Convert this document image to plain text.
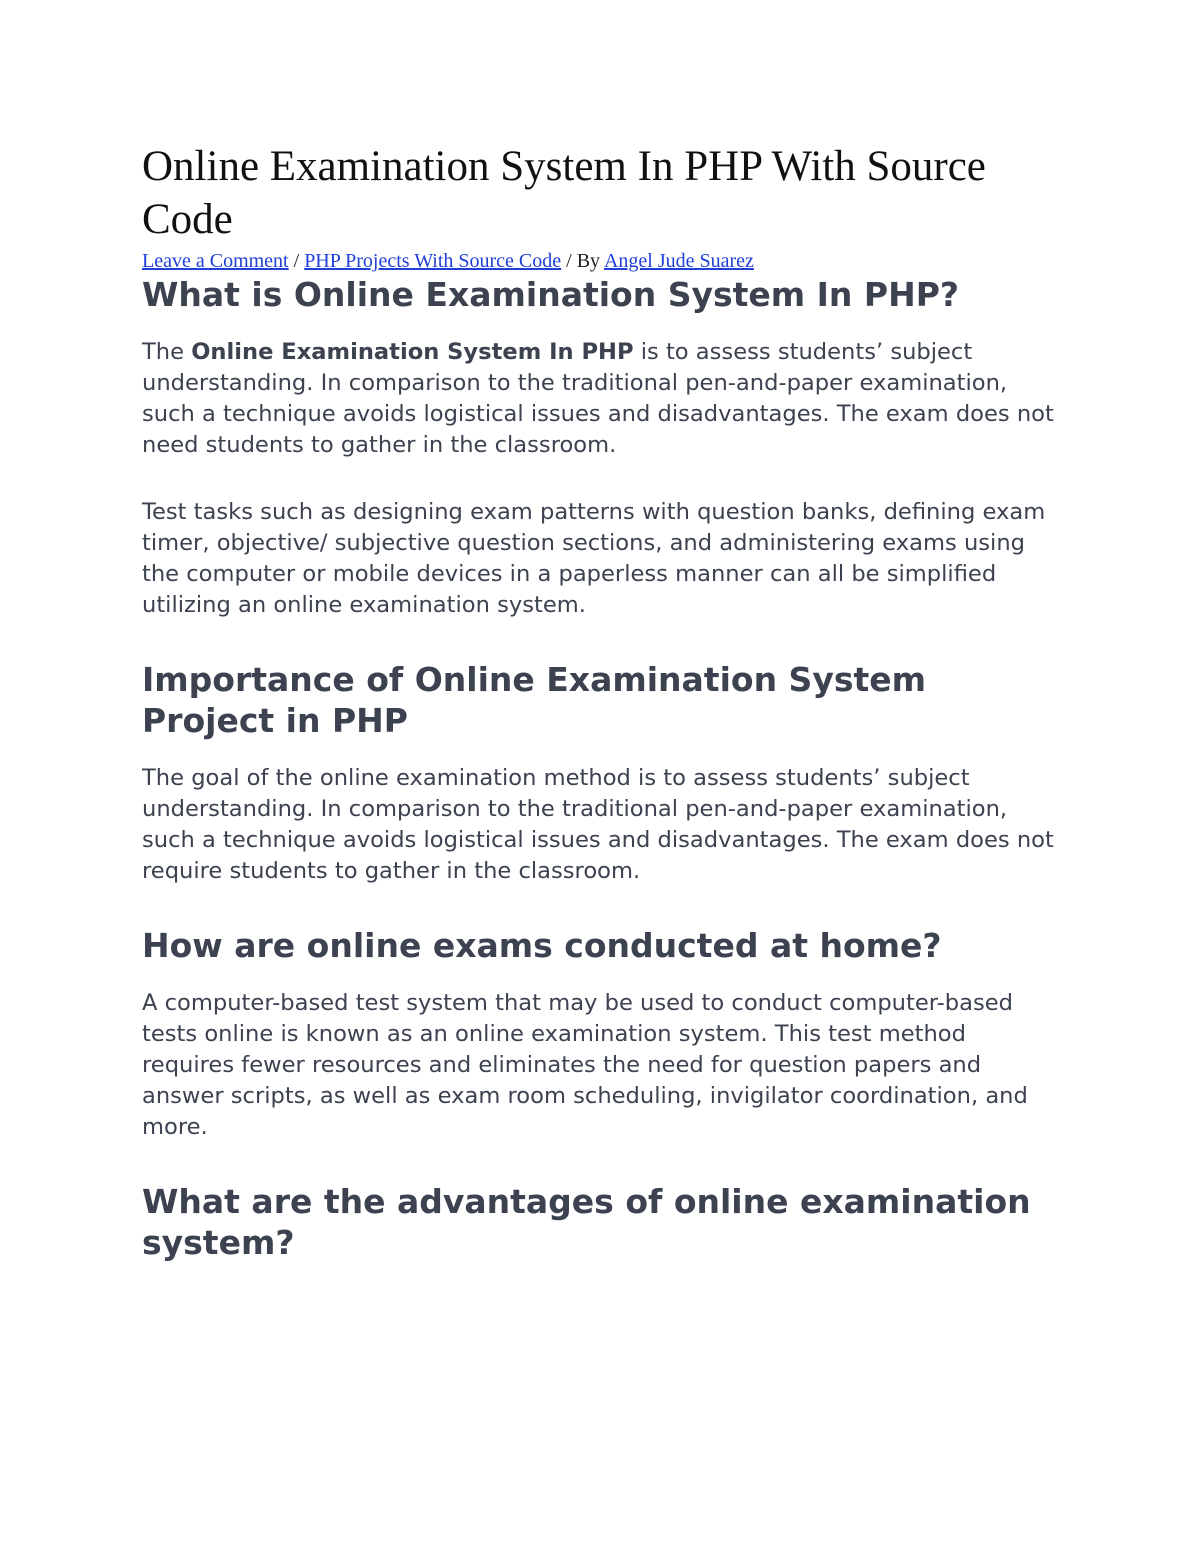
Online Examination System In PHP With Source Code
Leave a Comment / PHP Projects With Source Code / By Angel Jude Suarez
What is Online Examination System In PHP?

The Online Examination System In PHP is to assess students’ subject understanding. In comparison to the traditional pen-and-paper examination, such a technique avoids logistical issues and disadvantages. The exam does not need students to gather in the classroom.

Test tasks such as designing exam patterns with question banks, defining exam timer, objective/ subjective question sections, and administering exams using the computer or mobile devices in a paperless manner can all be simplified utilizing an online examination system.

Importance of Online Examination System Project in PHP

The goal of the online examination method is to assess students’ subject understanding. In comparison to the traditional pen-and-paper examination, such a technique avoids logistical issues and disadvantages. The exam does not require students to gather in the classroom.

How are online exams conducted at home?

A computer-based test system that may be used to conduct computer-based tests online is known as an online examination system. This test method requires fewer resources and eliminates the need for question papers and answer scripts, as well as exam room scheduling, invigilator coordination, and more.

What are the advantages of online examination system?
